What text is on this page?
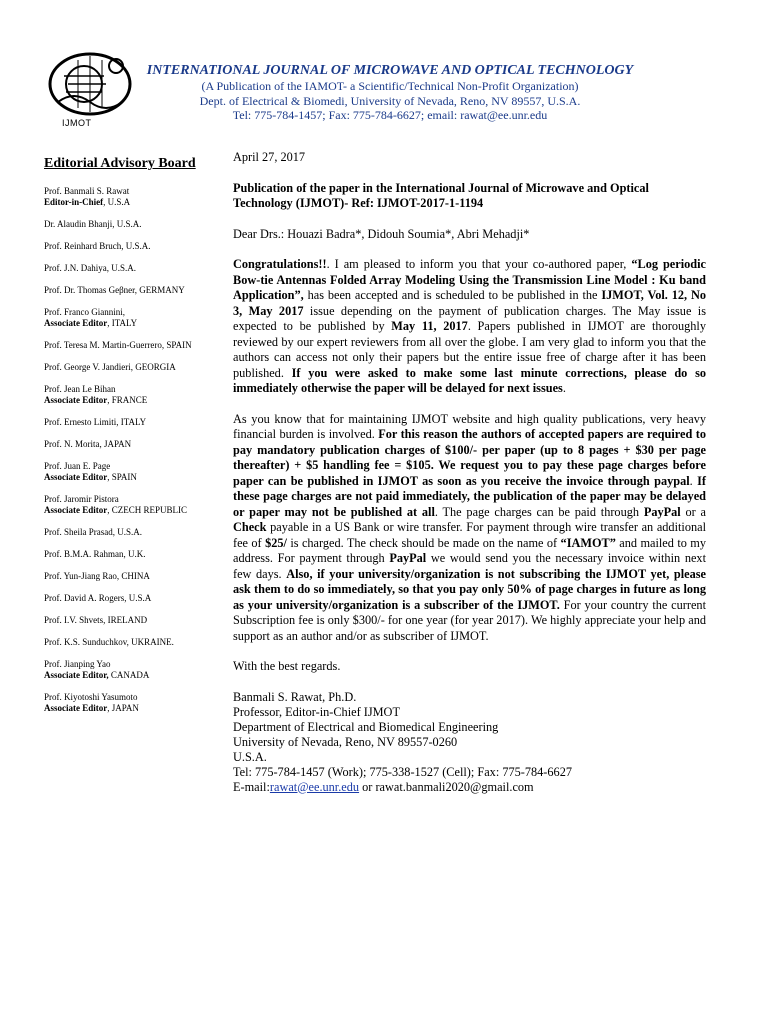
IJMOT
INTERNATIONAL JOURNAL OF MICROWAVE AND OPTICAL TECHNOLOGY
(A Publication of the IAMOT- a Scientific/Technical Non-Profit Organization)
Dept. of Electrical & Biomedi, University of Nevada, Reno, NV 89557, U.S.A.
Tel: 775-784-1457; Fax: 775-784-6627; email: rawat@ee.unr.edu
Editorial Advisory Board
Prof. Banmali S. Rawat
Editor-in-Chief, U.S.A
Dr. Alaudin Bhanji, U.S.A.
Prof. Reinhard Bruch, U.S.A.
Prof. J.N. Dahiya, U.S.A.
Prof. Dr. Thomas Geβner, GERMANY
Prof. Franco Giannini,
Associate Editor, ITALY
Prof. Teresa M. Martin-Guerrero, SPAIN
Prof. George V. Jandieri, GEORGIA
Prof. Jean Le Bihan
Associate Editor, FRANCE
Prof. Ernesto Limiti, ITALY
Prof. N. Morita, JAPAN
Prof. Juan E. Page
Associate Editor, SPAIN
Prof. Jaromir Pistora
Associate Editor, CZECH REPUBLIC
Prof. Sheila Prasad, U.S.A.
Prof. B.M.A. Rahman, U.K.
Prof. Yun-Jiang Rao, CHINA
Prof. David A. Rogers, U.S.A
Prof. I.V. Shvets, IRELAND
Prof. K.S. Sunduchkov, UKRAINE.
Prof. Jianping Yao
Associate Editor, CANADA
Prof. Kiyotoshi Yasumoto
Associate Editor, JAPAN

April 27, 2017

Publication of the paper in the International Journal of Microwave and Optical Technology (IJMOT)- Ref: IJMOT-2017-1-1194

Dear Drs.: Houazi Badra*, Didouh Soumia*, Abri Mehadji*

Congratulations!!. I am pleased to inform you that your co-authored paper, “Log periodic Bow-tie Antennas Folded Array Modeling Using the Transmission Line Model : Ku band Application”, has been accepted and is scheduled to be published in the IJMOT, Vol. 12, No 3, May 2017 issue depending on the payment of publication charges. The May issue is expected to be published by May 11, 2017. Papers published in IJMOT are thoroughly reviewed by our expert reviewers from all over the globe. I am very glad to inform you that the authors can access not only their papers but the entire issue free of charge after it has been published. If you were asked to make some last minute corrections, please do so immediately otherwise the paper will be delayed for next issues.

As you know that for maintaining IJMOT website and high quality publications, very heavy financial burden is involved. For this reason the authors of accepted papers are required to pay mandatory publication charges of $100/- per paper (up to 8 pages + $30 per page thereafter) + $5 handling fee = $105. We request you to pay these page charges before paper can be published in IJMOT as soon as you receive the invoice through paypal. If these page charges are not paid immediately, the publication of the paper may be delayed or paper may not be published at all. The page charges can be paid through PayPal or a Check payable in a US Bank or wire transfer. For payment through wire transfer an additional fee of $25/ is charged. The check should be made on the name of “IAMOT” and mailed to my address. For payment through PayPal we would send you the necessary invoice within next few days. Also, if your university/organization is not subscribing the IJMOT yet, please ask them to do so immediately, so that you pay only 50% of page charges in future as long as your university/organization is a subscriber of the IJMOT. For your country the current Subscription fee is only $300/- for one year (for year 2017). We highly appreciate your help and support as an author and/or as subscriber of IJMOT.

With the best regards.

Banmali S. Rawat, Ph.D.

Professor, Editor-in-Chief IJMOT

Department of Electrical and Biomedical Engineering

University of Nevada, Reno, NV 89557-0260

U.S.A.

Tel: 775-784-1457 (Work); 775-338-1527 (Cell); Fax: 775-784-6627

E-mail:rawat@ee.unr.edu or rawat.banmali2020@gmail.com
